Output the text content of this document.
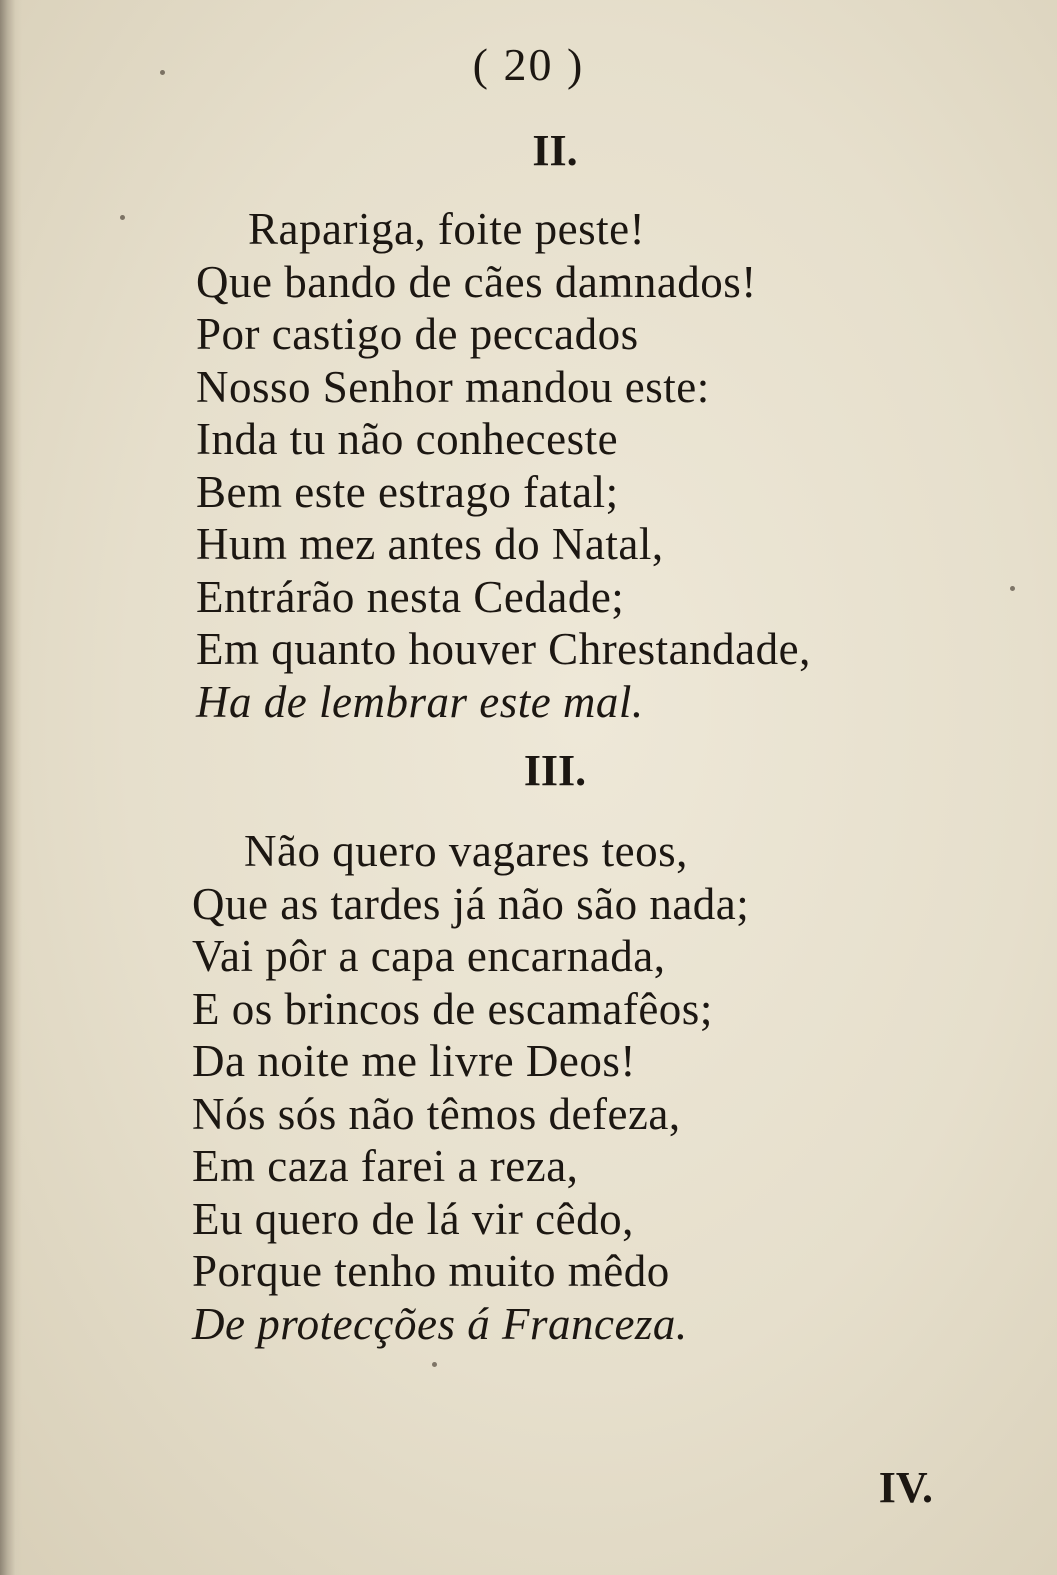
( 20 )
II.
Rapariga, foite peste!
Que bando de cães damnados!
Por castigo de peccados
Nosso Senhor mandou este:
Inda tu não conheceste
Bem este estrago fatal;
Hum mez antes do Natal,
Entrárão nesta Cedade;
Em quanto houver Chrestandade,
Ha de lembrar este mal.
III.
Não quero vagares teos,
Que as tardes já não são nada;
Vai pôr a capa encarnada,
E os brincos de escamafêos;
Da noite me livre Deos!
Nós sós não têmos defeza,
Em caza farei a reza,
Eu quero de lá vir cêdo,
Porque tenho muito mêdo
De protecções á Franceza.
IV.
